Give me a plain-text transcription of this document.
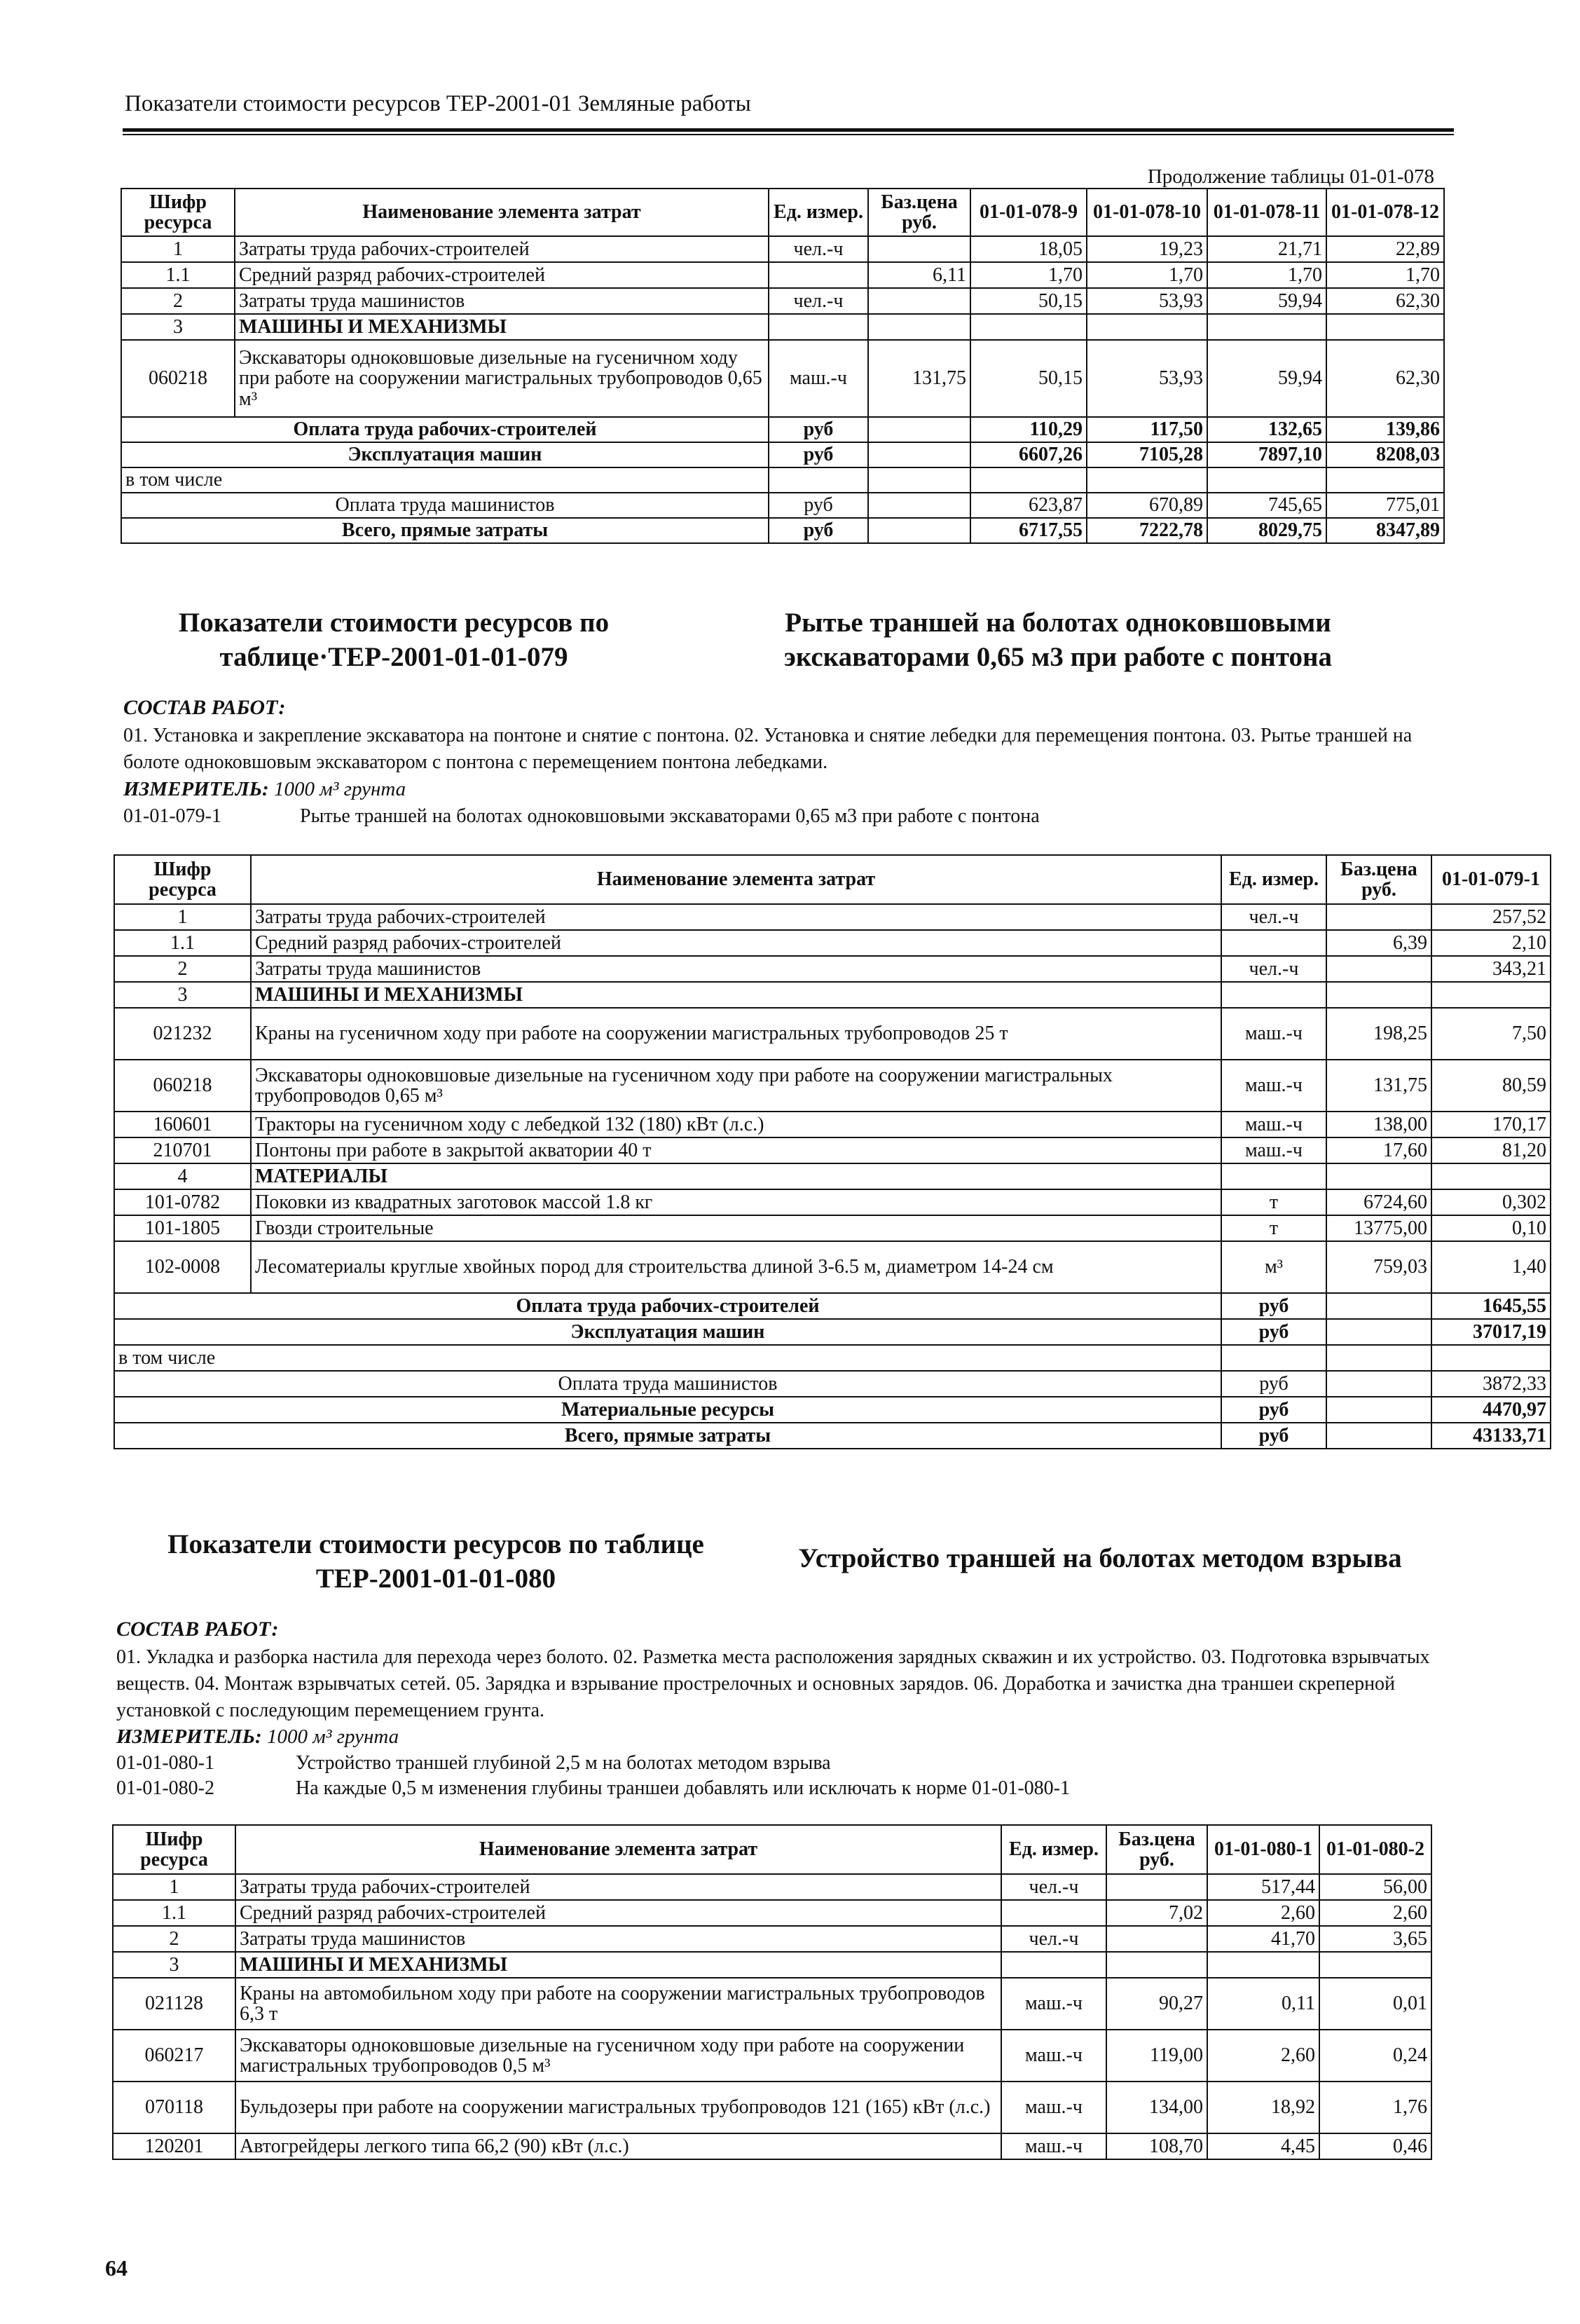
Показатели стоимости ресурсов ТЕР-2001-01 Земляные работы
Продолжение таблицы 01-01-078
Шифр ресурса	Наименование элемента затрат	Ед. измер.	Баз.цена руб.	01-01-078-9	01-01-078-10	01-01-078-11	01-01-078-12
1	Затраты труда рабочих-строителей	чел.-ч		18,05	19,23	21,71	22,89
1.1	Средний разряд рабочих-строителей		6,11	1,70	1,70	1,70	1,70
2	Затраты труда машинистов	чел.-ч		50,15	53,93	59,94	62,30
3	МАШИНЫ И МЕХАНИЗМЫ						
060218	Экскаваторы одноковшовые дизельные на гусеничном ходу при работе на сооружении магистральных трубопроводов 0,65 м³	маш.-ч	131,75	50,15	53,93	59,94	62,30
Оплата труда рабочих-строителей		руб		110,29	117,50	132,65	139,86
Эксплуатация машин		руб		6607,26	7105,28	7897,10	8208,03
в том числе							
Оплата труда машинистов		руб		623,87	670,89	745,65	775,01
Всего, прямые затраты		руб		6717,55	7222,78	8029,75	8347,89
Показатели стоимости ресурсов по таблице·ТЕР-2001-01-01-079
Рытье траншей на болотах одноковшовыми экскаваторами 0,65 м3 при работе с понтона
СОСТАВ РАБОТ:
01. Установка и закрепление экскаватора на понтоне и снятие с понтона. 02. Установка и снятие лебедки для перемещения понтона. 03. Рытье траншей на болоте одноковшовым экскаватором с понтона с перемещением понтона лебедками.
ИЗМЕРИТЕЛЬ: 1000 м³ грунта
01-01-079-1	Рытье траншей на болотах одноковшовыми экскаваторами 0,65 м3 при работе с понтона
Шифр ресурса	Наименование элемента затрат	Ед. измер.	Баз.цена руб.	01-01-079-1
1	Затраты труда рабочих-строителей	чел.-ч		257,52
1.1	Средний разряд рабочих-строителей		6,39	2,10
2	Затраты труда машинистов	чел.-ч		343,21
3	МАШИНЫ И МЕХАНИЗМЫ			
021232	Краны на гусеничном ходу при работе на сооружении магистральных трубопроводов 25 т	маш.-ч	198,25	7,50
060218	Экскаваторы одноковшовые дизельные на гусеничном ходу при работе на сооружении магистральных трубопроводов 0,65 м³	маш.-ч	131,75	80,59
160601	Тракторы на гусеничном ходу с лебедкой 132 (180) кВт (л.с.)	маш.-ч	138,00	170,17
210701	Понтоны при работе в закрытой акватории 40 т	маш.-ч	17,60	81,20
4	МАТЕРИАЛЫ			
101-0782	Поковки из квадратных заготовок массой 1.8 кг	т	6724,60	0,302
101-1805	Гвозди строительные	т	13775,00	0,10
102-0008	Лесоматериалы круглые хвойных пород для строительства длиной 3-6.5 м, диаметром 14-24 см	м³	759,03	1,40
Оплата труда рабочих-строителей		руб		1645,55
Эксплуатация машин		руб		37017,19
в том числе				
Оплата труда машинистов		руб		3872,33
Материальные ресурсы		руб		4470,97
Всего, прямые затраты		руб		43133,71
Показатели стоимости ресурсов по таблице ТЕР-2001-01-01-080
Устройство траншей на болотах методом взрыва
СОСТАВ РАБОТ:
01. Укладка и разборка настила для перехода через болото. 02. Разметка места расположения зарядных скважин и их устройство. 03. Подготовка взрывчатых веществ. 04. Монтаж взрывчатых сетей. 05. Зарядка и взрывание прострелочных и основных зарядов. 06. Доработка и зачистка дна траншеи скреперной установкой с последующим перемещением грунта.
ИЗМЕРИТЕЛЬ: 1000 м³ грунта
01-01-080-1	Устройство траншей глубиной 2,5 м на болотах методом взрыва
01-01-080-2	На каждые 0,5 м изменения глубины траншеи добавлять или исключать к норме 01-01-080-1
Шифр ресурса	Наименование элемента затрат	Ед. измер.	Баз.цена руб.	01-01-080-1	01-01-080-2
1	Затраты труда рабочих-строителей	чел.-ч		517,44	56,00
1.1	Средний разряд рабочих-строителей		7,02	2,60	2,60
2	Затраты труда машинистов	чел.-ч		41,70	3,65
3	МАШИНЫ И МЕХАНИЗМЫ				
021128	Краны на автомобильном ходу при работе на сооружении магистральных трубопроводов 6,3 т	маш.-ч	90,27	0,11	0,01
060217	Экскаваторы одноковшовые дизельные на гусеничном ходу при работе на сооружении магистральных трубопроводов 0,5 м³	маш.-ч	119,00	2,60	0,24
070118	Бульдозеры при работе на сооружении магистральных трубопроводов 121 (165) кВт (л.с.)	маш.-ч	134,00	18,92	1,76
120201	Автогрейдеры легкого типа 66,2 (90) кВт (л.с.)	маш.-ч	108,70	4,45	0,46
64
